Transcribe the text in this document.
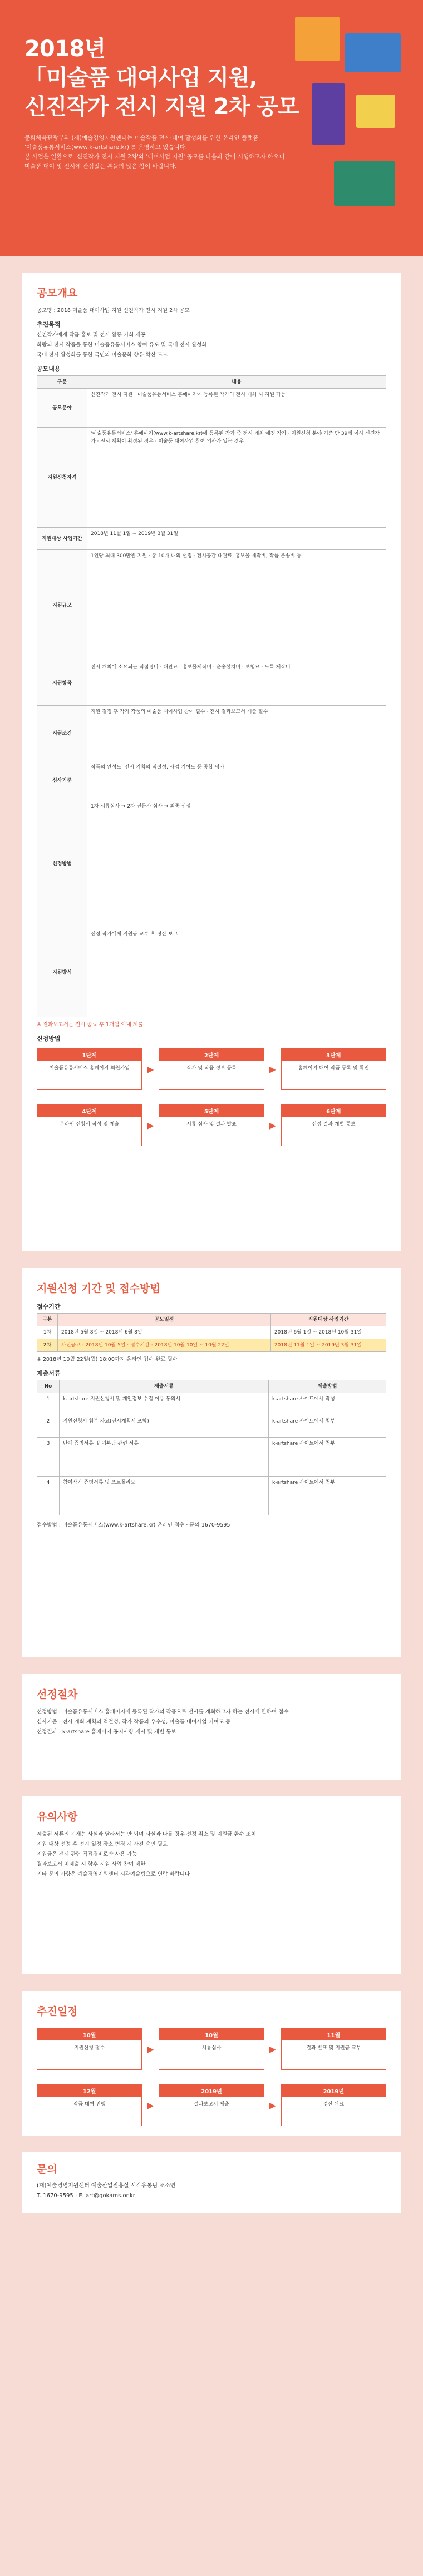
2018년
「미술품 대여사업 지원,
신진작가 전시 지원 2차 공모
문화체육관광부와 (재)예술경영지원센터는 미술작품 전시·대여 활성화를 위한 온라인 플랫폼
'미술품유통서비스(www.k-artshare.kr)'를 운영하고 있습니다.
본 사업은 일환으로 '신진작가 전시 지원 2차'와 '대여사업 지원' 공모를 다음과 같이 시행하고자 하오니
미술품 대여 및 전시에 관심있는 분들의 많은 참여 바랍니다.
공모개요

공모명 : 2018 미술품 대여사업 지원 신진작가 전시 지원 2차 공모

추진목적

신진작가에게 작품 홍보 및 전시 활동 기회 제공

화랑의 전시 작품을 통한 미술품유통서비스 참여 유도 및 국내 전시 활성화

국내 전시 활성화를 통한 국민의 미술문화 향유 확산 도모

공모내용
구분	내용
공모분야	신진작가 전시 지원 · 미술품유통서비스 홈페이지에 등록된 작가의 전시 개최 시 지원 가능
지원신청자격	'미술품유통서비스' 홈페이지(www.k-artshare.kr)에 등록된 작가 중 전시 개최 예정 작가 · 지원신청 분야 기준 만 39세 이하 신진작가 · 전시 계획이 확정된 경우 · 미술품 대여사업 참여 의사가 있는 경우
지원대상 사업기간	2018년 11월 1일 ~ 2019년 3월 31일
지원규모	1인당 최대 300만원 지원 · 총 10개 내외 선정 · 전시공간 대관료, 홍보물 제작비, 작품 운송비 등
지원항목	전시 개최에 소요되는 직접경비 · 대관료 · 홍보물제작비 · 운송설치비 · 보험료 · 도록 제작비
지원조건	지원 결정 후 작가 작품의 미술품 대여사업 참여 필수 · 전시 결과보고서 제출 필수
심사기준	작품의 완성도, 전시 기획의 적절성, 사업 기여도 등 종합 평가
선정방법	1차 서류심사 → 2차 전문가 심사 → 최종 선정
지원방식	선정 작가에게 지원금 교부 후 정산 보고

※ 결과보고서는 전시 종료 후 1개월 이내 제출

신청방법
1단계
미술품유통서비스 홈페이지 회원가입	▶
2단계
작가 및 작품 정보 등록	▶
3단계
홈페이지 대여 작품 등록 및 확인
4단계
온라인 신청서 작성 및 제출	▶
5단계
서류 심사 및 결과 발표	▶
6단계
선정 결과 개별 통보
지원신청 기간 및 접수방법
접수기간
구분	공모일정	지원대상 사업기간
1차	2018년 5월 8일 ~ 2018년 6월 8일	2018년 6월 1일 ~ 2018년 10월 31일
2차	사전공고 : 2018년 10월 5일 · 접수기간 : 2018년 10월 10일 ~ 10월 22일	2018년 11월 1일 ~ 2019년 3월 31일

※ 2018년 10월 22일(월) 18:00까지 온라인 접수 완료 필수

제출서류
No	제출서류	제출방법
1	k-artshare 지원신청서 및 개인정보 수집 이용 동의서	k-artshare 사이트에서 작성
2	지원신청서 첨부 자료(전시계획서 포함)	k-artshare 사이트에서 첨부
3	단체 증빙서류 및 기부금 관련 서류	k-artshare 사이트에서 첨부
4	참여작가 증빙서류 및 포트폴리오	k-artshare 사이트에서 첨부

접수방법 : 미술품유통서비스(www.k-artshare.kr) 온라인 접수 · 문의 1670-9595

선정절차

선정방법 : 미술품유통서비스 홈페이지에 등록된 작가의 작품으로 전시를 개최하고자 하는 전시에 한하여 접수

심사기준 : 전시 개최 계획의 적절성, 작가 작품의 우수성, 미술품 대여사업 기여도 등

선정결과 : k-artshare 홈페이지 공지사항 게시 및 개별 통보

유의사항

제출된 서류의 기재는 사실과 달라서는 안 되며 사실과 다를 경우 선정 취소 및 지원금 환수 조치

지원 대상 선정 후 전시 일정·장소 변경 시 사전 승인 필요

지원금은 전시 관련 직접경비로만 사용 가능

결과보고서 미제출 시 향후 지원 사업 참여 제한

기타 문의 사항은 예술경영지원센터 시각예술팀으로 연락 바랍니다

추진일정
10월
지원신청 접수	▶
10월
서류심사	▶
11월
결과 발표 및 지원금 교부
12월
작품 대여 진행	▶
2019년
결과보고서 제출	▶
2019년
정산 완료
문의

(재)예술경영지원센터 예술산업진흥실 시각유통팀 조소연

T. 1670-9595 · E. art@gokams.or.kr
